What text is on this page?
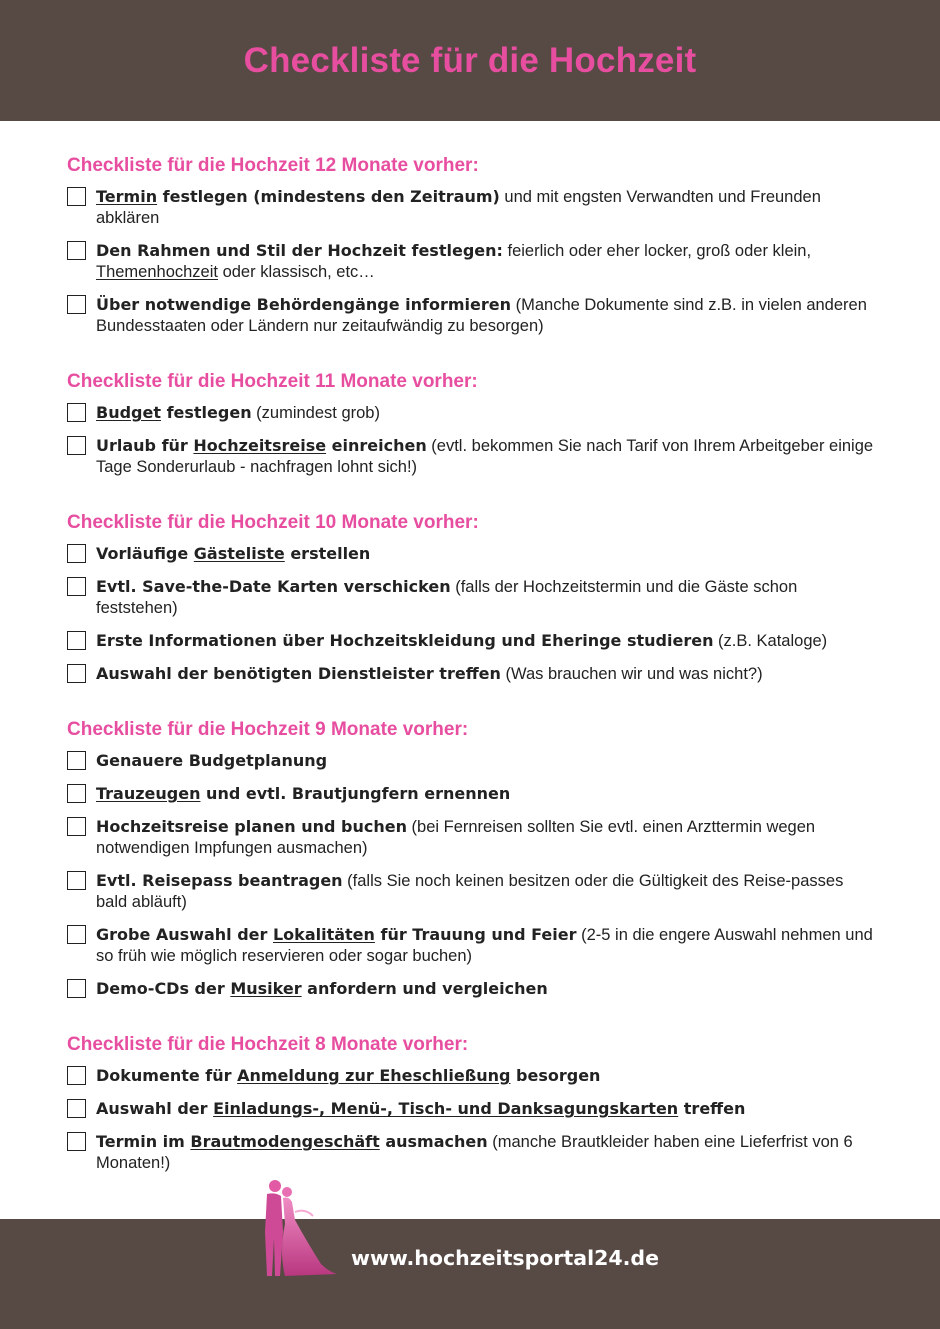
Checkliste für die Hochzeit
Checkliste für die Hochzeit 12 Monate vorher:
Termin festlegen (mindestens den Zeitraum) und mit engsten Verwandten und Freunden abklären
Den Rahmen und Stil der Hochzeit festlegen: feierlich oder eher locker, groß oder klein, Themenhochzeit oder klassisch, etc…
Über notwendige Behördengänge informieren (Manche Dokumente sind z.B. in vielen anderen Bundesstaaten oder Ländern nur zeitaufwändig zu besorgen)
Checkliste für die Hochzeit 11 Monate vorher:
Budget festlegen (zumindest grob)
Urlaub für Hochzeitsreise einreichen (evtl. bekommen Sie nach Tarif von Ihrem Arbeitgeber einige Tage Sonderurlaub - nachfragen lohnt sich!)
Checkliste für die Hochzeit 10 Monate vorher:
Vorläufige Gästeliste erstellen
Evtl. Save-the-Date Karten verschicken (falls der Hochzeitstermin und die Gäste schon feststehen)
Erste Informationen über Hochzeitskleidung und Eheringe studieren (z.B. Kataloge)
Auswahl der benötigten Dienstleister treffen (Was brauchen wir und was nicht?)
Checkliste für die Hochzeit 9 Monate vorher:
Genauere Budgetplanung
Trauzeugen und evtl. Brautjungfern ernennen
Hochzeitsreise planen und buchen (bei Fernreisen sollten Sie evtl. einen Arzttermin wegen notwendigen Impfungen ausmachen)
Evtl. Reisepass beantragen (falls Sie noch keinen besitzen oder die Gültigkeit des Reise-passes bald abläuft)
Grobe Auswahl der Lokalitäten für Trauung und Feier (2-5 in die engere Auswahl nehmen und so früh wie möglich reservieren oder sogar buchen)
Demo-CDs der Musiker anfordern und vergleichen
Checkliste für die Hochzeit 8 Monate vorher:
Dokumente für Anmeldung zur Eheschließung besorgen
Auswahl der Einladungs-, Menü-, Tisch- und Danksagungskarten treffen
Termin im Brautmodengeschäft ausmachen (manche Brautkleider haben eine Lieferfrist von 6 Monaten!)
www.hochzeitsportal24.de
